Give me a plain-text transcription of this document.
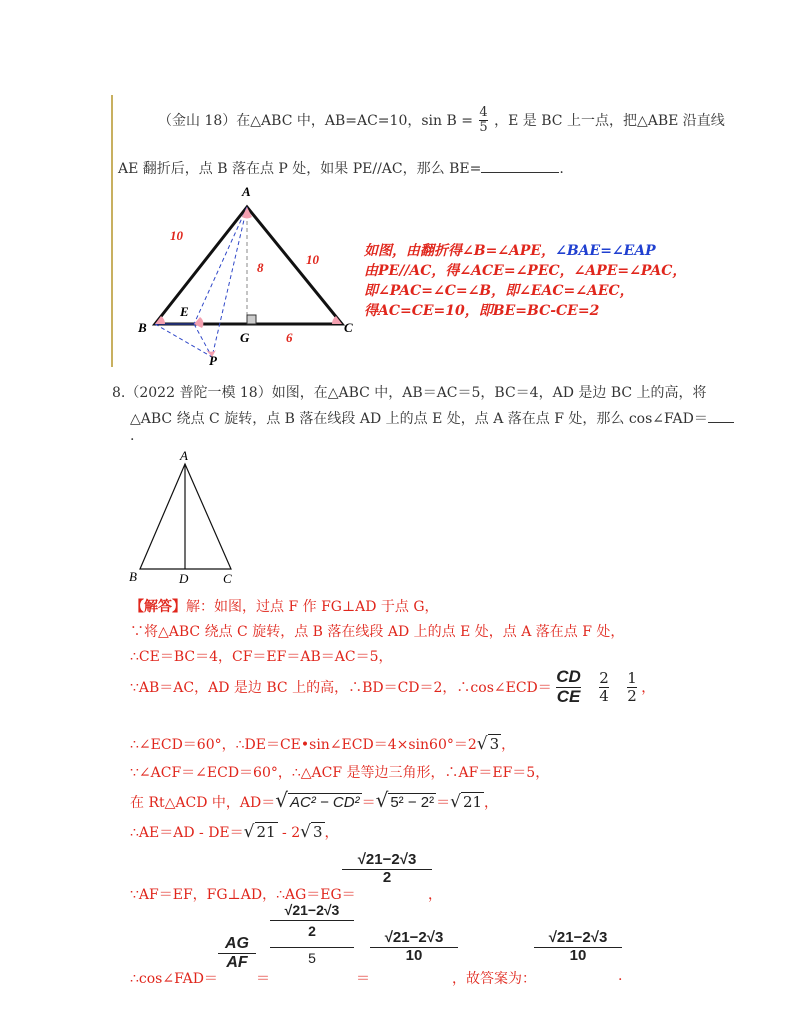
（金山 18）在△ABC 中，AB=AC=10，$\sin B = \frac{4}{5}$ ，E 是 BC 上一点，把△ABE 沿直线
AE 翻折后，点 B 落在点 P 处，如果 PE//AC，那么 BE=	.
A
B	C
E
G
P
10
10
8
6
如图，由翻折得∠B=∠APE，∠BAE=∠EAP
由PE//AC，得∠ACE=∠PEC，∠APE=∠PAC，
即∠PAC=∠C=∠B，即∠EAC=∠AEC，
得AC=CE=10，即BE=BC-CE=2
8.（2022 普陀一模 18）如图，在△ABC 中，AB＝AC＝5，BC＝4，AD 是边 BC 上的高，将
△ABC 绕点 C 旋转，点 B 落在线段 AD 上的点 E 处，点 A 落在点 F 处，那么 cos∠FAD＝
.
A
B	D	C
【解答】解：如图，过点 F 作 FG⊥AD 于点 G，
∵将△ABC 绕点 C 旋转，点 B 落在线段 AD 上的点 E 处，点 A 落在点 F 处，
∴CE＝BC＝4，CF＝EF＝AB＝AC＝5，
∵AB＝AC，AD 是边 BC 上的高，∴BD＝CD＝2，∴cos∠ECD＝ $\frac{CD}{CE}$
$\frac{2}{4}$
$\frac{1}{2}$ ，
∴∠ECD＝60°，∴DE＝CE•sin∠ECD＝4×sin60°＝2√ 3 ，
∵∠ACF＝∠ECD＝60°，∴△ACF 是等边三角形，∴AF＝EF＝5，
在 Rt△ACD 中，AD＝√ AC² − CD² ＝√ 5² − 2² ＝√ 21 ，
∴AE＝AD - DE＝√ 21 - 2√ 3 ，
∵AF＝EF，FG⊥AD，∴AG＝EG＝
√21−2√3
2
，
∴cos∠FAD＝
AG
AF
＝
√21−2√3
2
5
＝
√21−2√3
10
，故答案为：
√21−2√3
10
.
